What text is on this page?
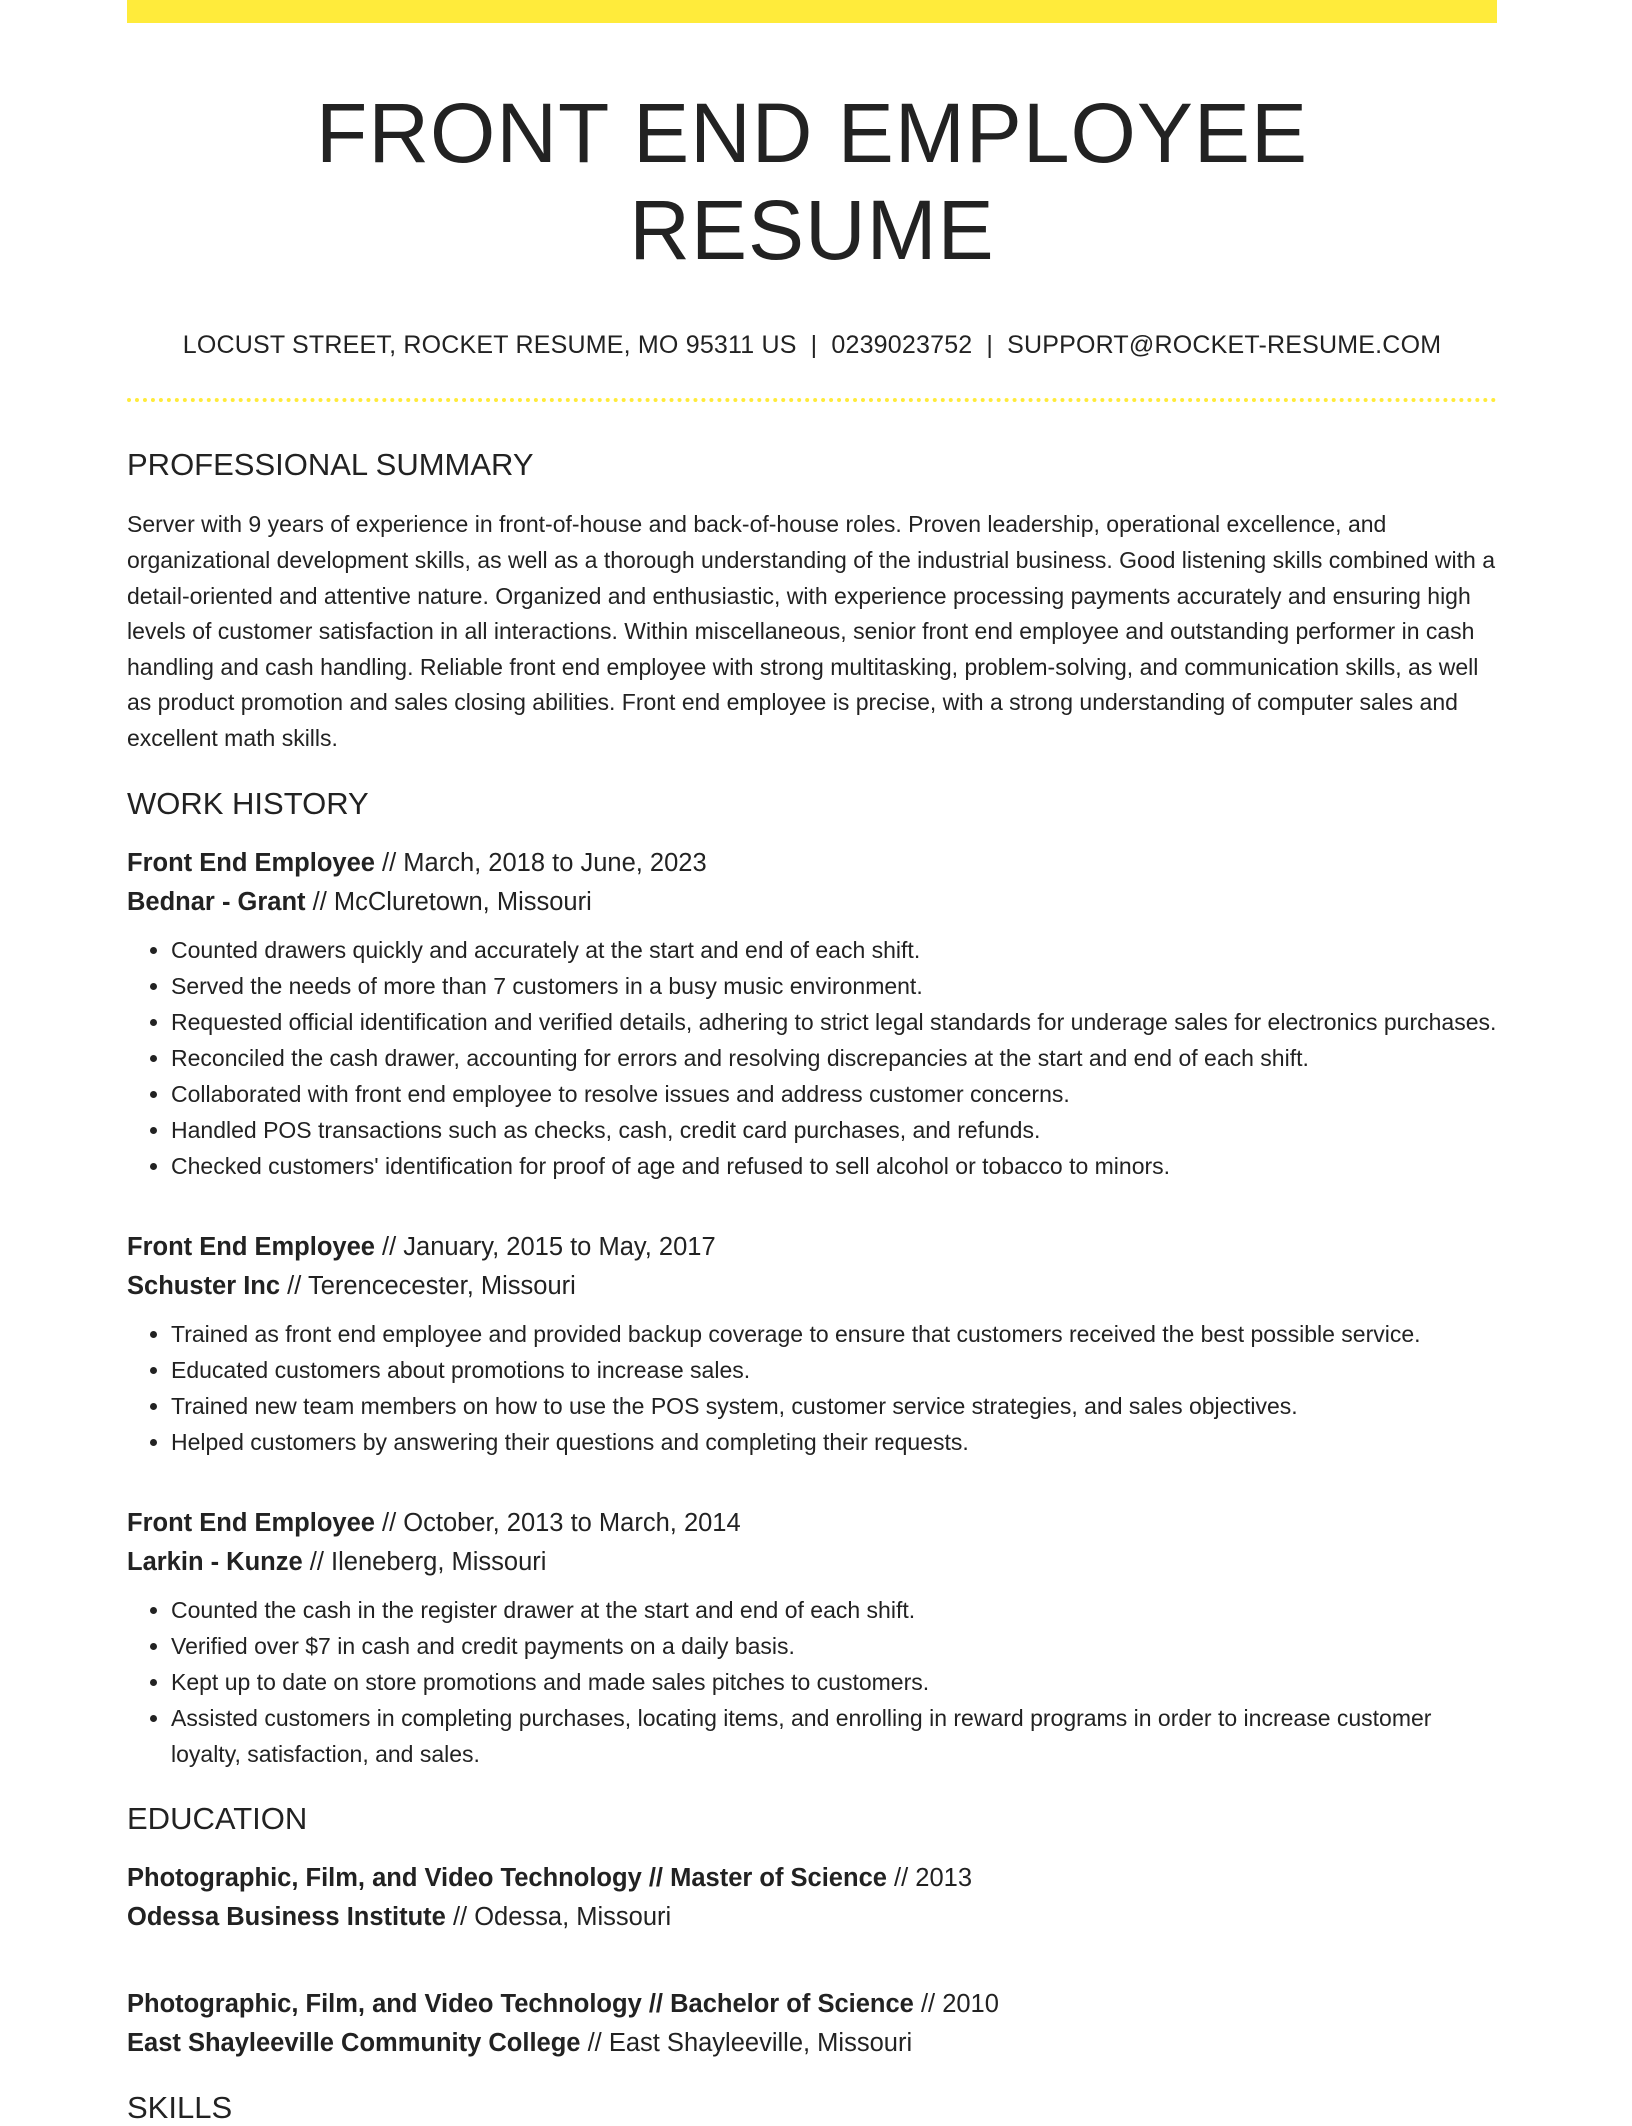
FRONT END EMPLOYEE RESUME
LOCUST STREET, ROCKET RESUME, MO 95311 US | 0239023752 | SUPPORT@ROCKET-RESUME.COM
PROFESSIONAL SUMMARY

Server with 9 years of experience in front-of-house and back-of-house roles. Proven leadership, operational excellence, and organizational development skills, as well as a thorough understanding of the industrial business. Good listening skills combined with a detail-oriented and attentive nature. Organized and enthusiastic, with experience processing payments accurately and ensuring high levels of customer satisfaction in all interactions. Within miscellaneous, senior front end employee and outstanding performer in cash handling and cash handling. Reliable front end employee with strong multitasking, problem-solving, and communication skills, as well as product promotion and sales closing abilities. Front end employee is precise, with a strong understanding of computer sales and excellent math skills.

WORK HISTORY
Front End Employee // March, 2018 to June, 2023
Bednar - Grant // McCluretown, Missouri
• Counted drawers quickly and accurately at the start and end of each shift.
• Served the needs of more than 7 customers in a busy music environment.
• Requested official identification and verified details, adhering to strict legal standards for underage sales for electronics purchases.
• Reconciled the cash drawer, accounting for errors and resolving discrepancies at the start and end of each shift.
• Collaborated with front end employee to resolve issues and address customer concerns.
• Handled POS transactions such as checks, cash, credit card purchases, and refunds.
• Checked customers' identification for proof of age and refused to sell alcohol or tobacco to minors.
Front End Employee // January, 2015 to May, 2017
Schuster Inc // Terencecester, Missouri
• Trained as front end employee and provided backup coverage to ensure that customers received the best possible service.
• Educated customers about promotions to increase sales.
• Trained new team members on how to use the POS system, customer service strategies, and sales objectives.
• Helped customers by answering their questions and completing their requests.
Front End Employee // October, 2013 to March, 2014
Larkin - Kunze // Ileneberg, Missouri
• Counted the cash in the register drawer at the start and end of each shift.
• Verified over $7 in cash and credit payments on a daily basis.
• Kept up to date on store promotions and made sales pitches to customers.
• Assisted customers in completing purchases, locating items, and enrolling in reward programs in order to increase customer loyalty, satisfaction, and sales.
EDUCATION
Photographic, Film, and Video Technology // Master of Science // 2013
Odessa Business Institute // Odessa, Missouri
Photographic, Film, and Video Technology // Bachelor of Science // 2010
East Shayleeville Community College // East Shayleeville, Missouri
SKILLS
